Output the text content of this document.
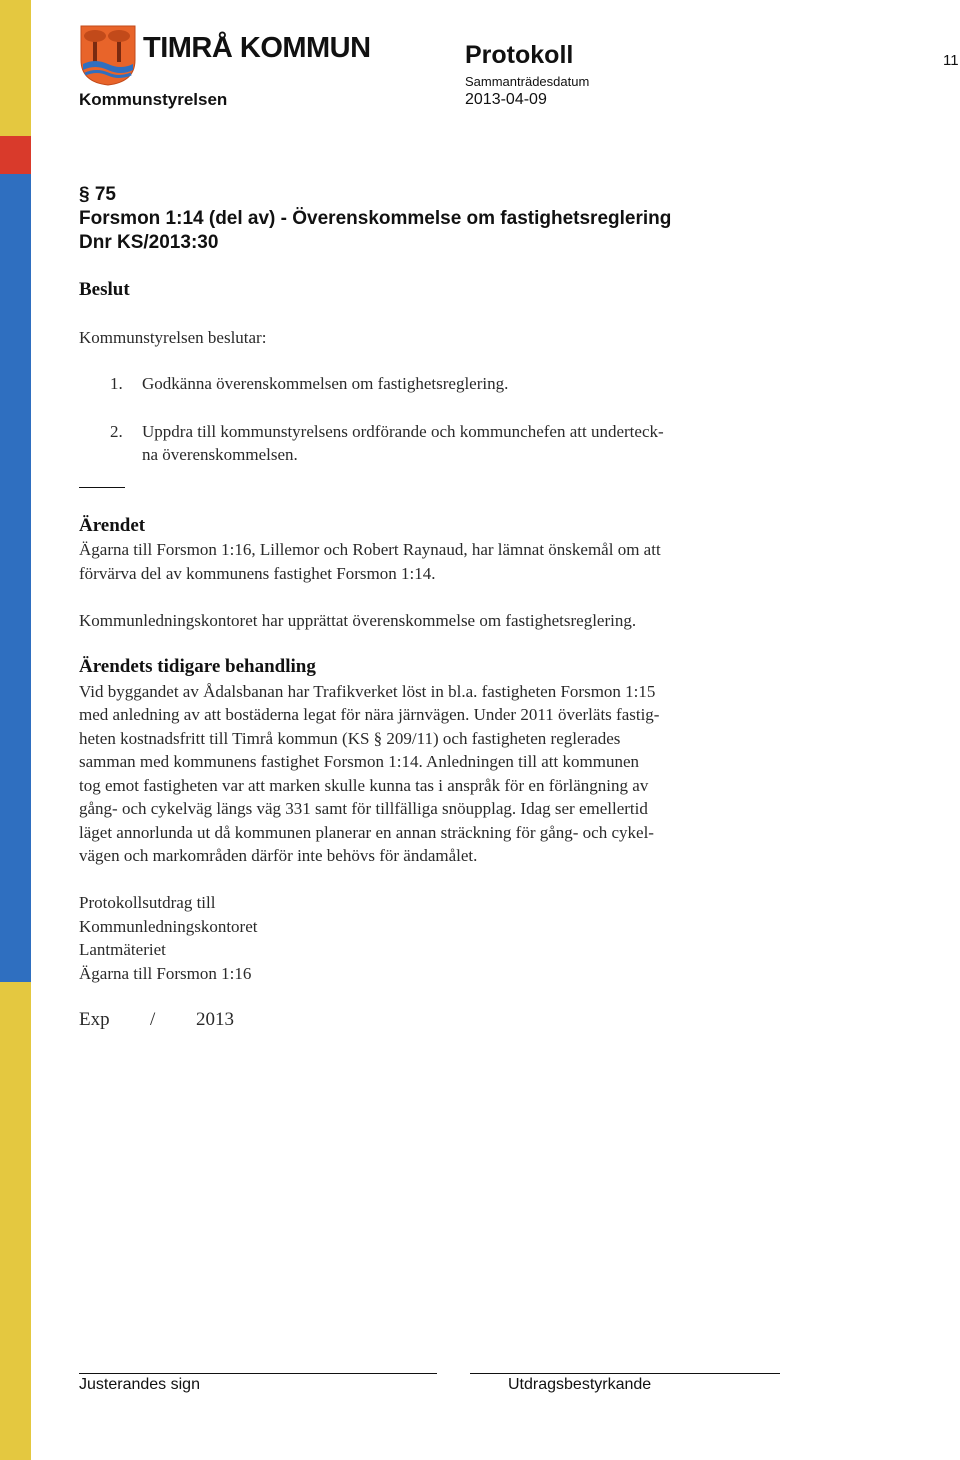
TIMRÅ KOMMUN
Kommunstyrelsen
Protokoll
Sammanträdesdatum
2013-04-09
11
§ 75
Forsmon 1:14 (del av) - Överenskommelse om fastighetsreglering
Dnr KS/2013:30
Beslut
Kommunstyrelsen beslutar:
1. Godkänna överenskommelsen om fastighetsreglering.
2. Uppdra till kommunstyrelsens ordförande och kommunchefen att underteck-
na överenskommelsen.
Ärendet
Ägarna till Forsmon 1:16, Lillemor och Robert Raynaud, har lämnat önskemål om att
förvärva del av kommunens fastighet Forsmon 1:14.
Kommunledningskontoret har upprättat överenskommelse om fastighetsreglering.
Ärendets tidigare behandling
Vid byggandet av Ådalsbanan har Trafikverket löst in bl.a. fastigheten Forsmon 1:15
med anledning av att bostäderna legat för nära järnvägen. Under 2011 överläts fastig-
heten kostnadsfritt till Timrå kommun (KS § 209/11) och fastigheten reglerades
samman med kommunens fastighet Forsmon 1:14. Anledningen till att kommunen
tog emot fastigheten var att marken skulle kunna tas i anspråk för en förlängning av
gång- och cykelväg längs väg 331 samt för tillfälliga snöupplag. Idag ser emellertid
läget annorlunda ut då kommunen planerar en annan sträckning för gång- och cykel-
vägen och markområden därför inte behövs för ändamålet.
Protokollsutdrag till
Kommunledningskontoret
Lantmäteriet
Ägarna till Forsmon 1:16
Exp / 2013
Justerandes sign	Utdragsbestyrkande
